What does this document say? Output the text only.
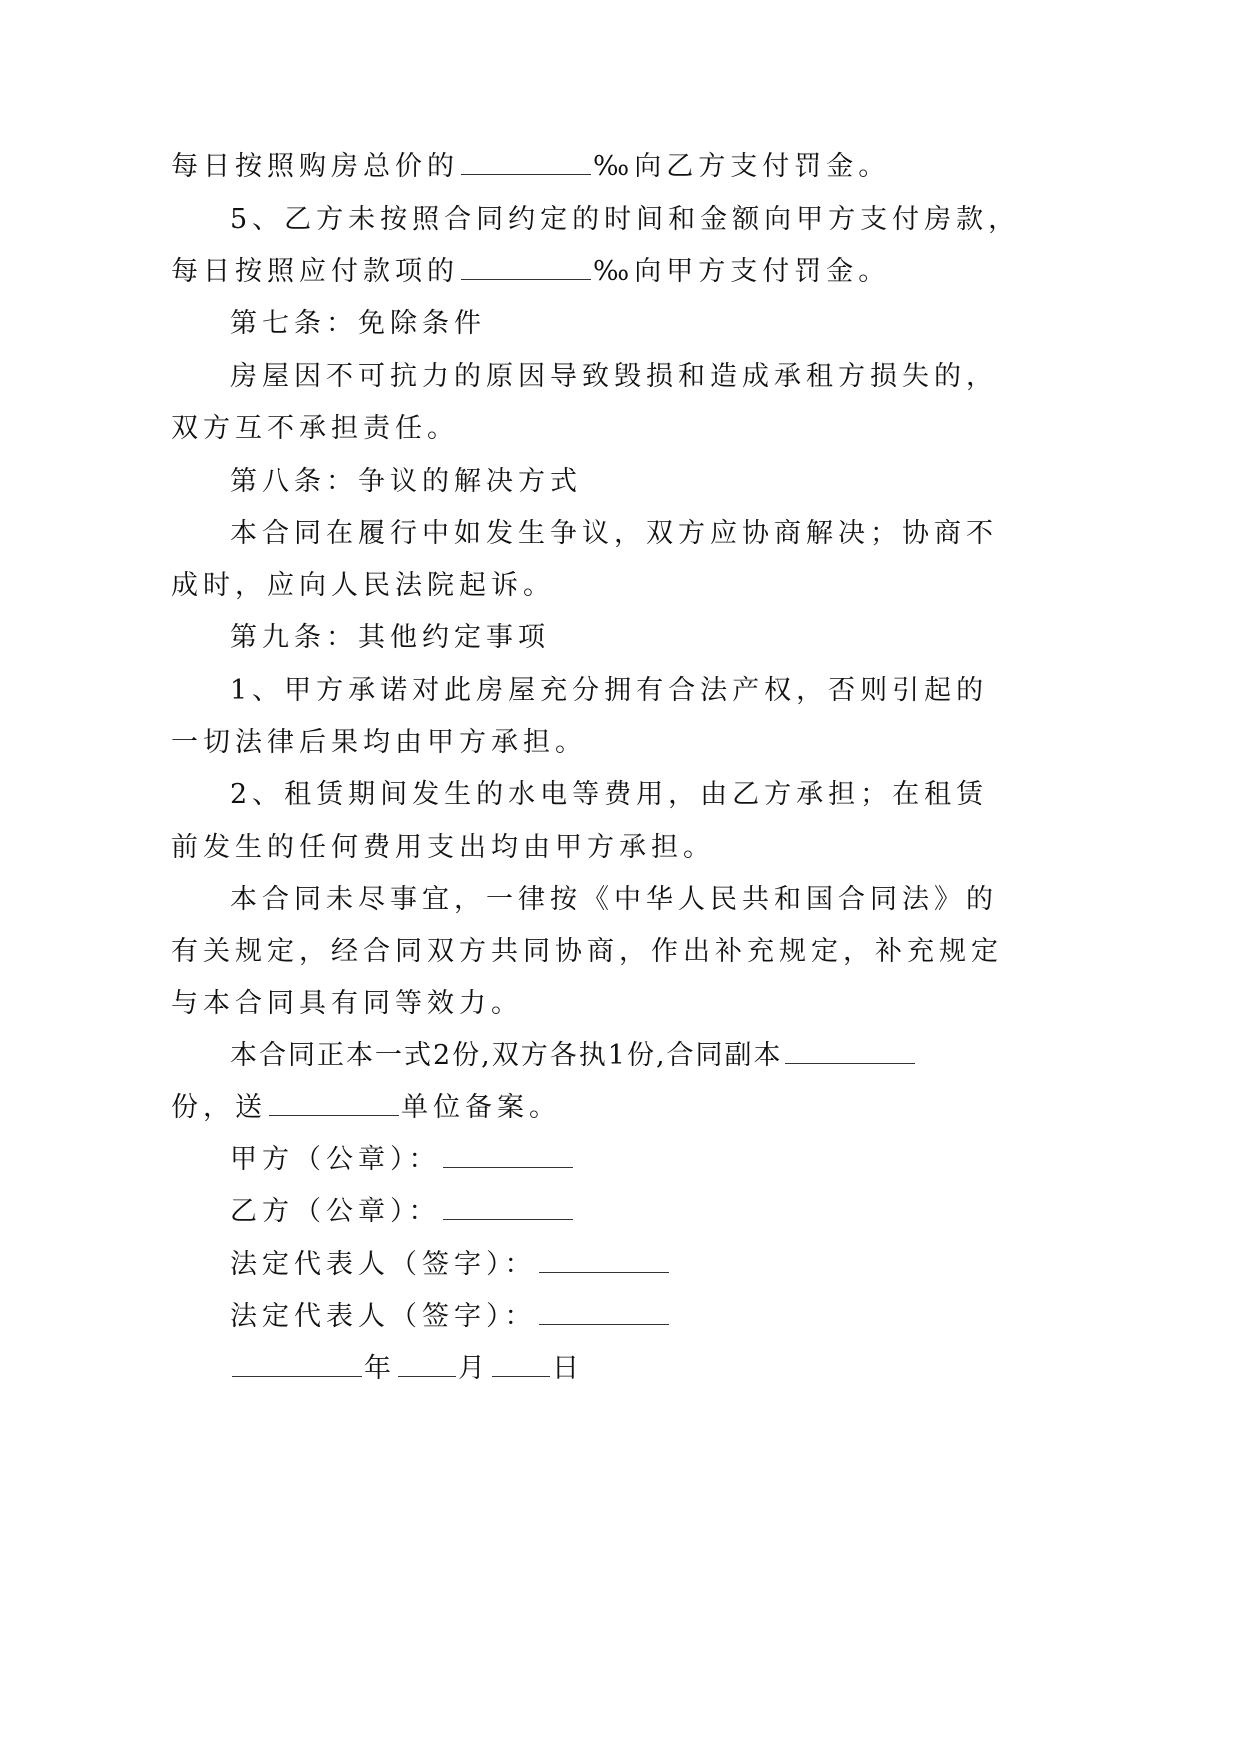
每日按照购房总价的	‰向乙方支付罚金。
5、乙方未按照合同约定的时间和金额向甲方支付房款，
每日按照应付款项的	‰向甲方支付罚金。
第七条：免除条件
房屋因不可抗力的原因导致毁损和造成承租方损失的，
双方互不承担责任。
第八条：争议的解决方式
本合同在履行中如发生争议，双方应协商解决；协商不
成时，应向人民法院起诉。
第九条：其他约定事项
1、甲方承诺对此房屋充分拥有合法产权，否则引起的
一切法律后果均由甲方承担。
2、租赁期间发生的水电等费用，由乙方承担；在租赁
前发生的任何费用支出均由甲方承担。
本合同未尽事宜，一律按《中华人民共和国合同法》的
有关规定，经合同双方共同协商，作出补充规定，补充规定
与本合同具有同等效力。
本合同正本一式2份,双方各执1份,合同副本
份，送	单位备案。
甲方（公章）：
乙方（公章）：
法定代表人（签字）：
法定代表人（签字）：
年 月 日
